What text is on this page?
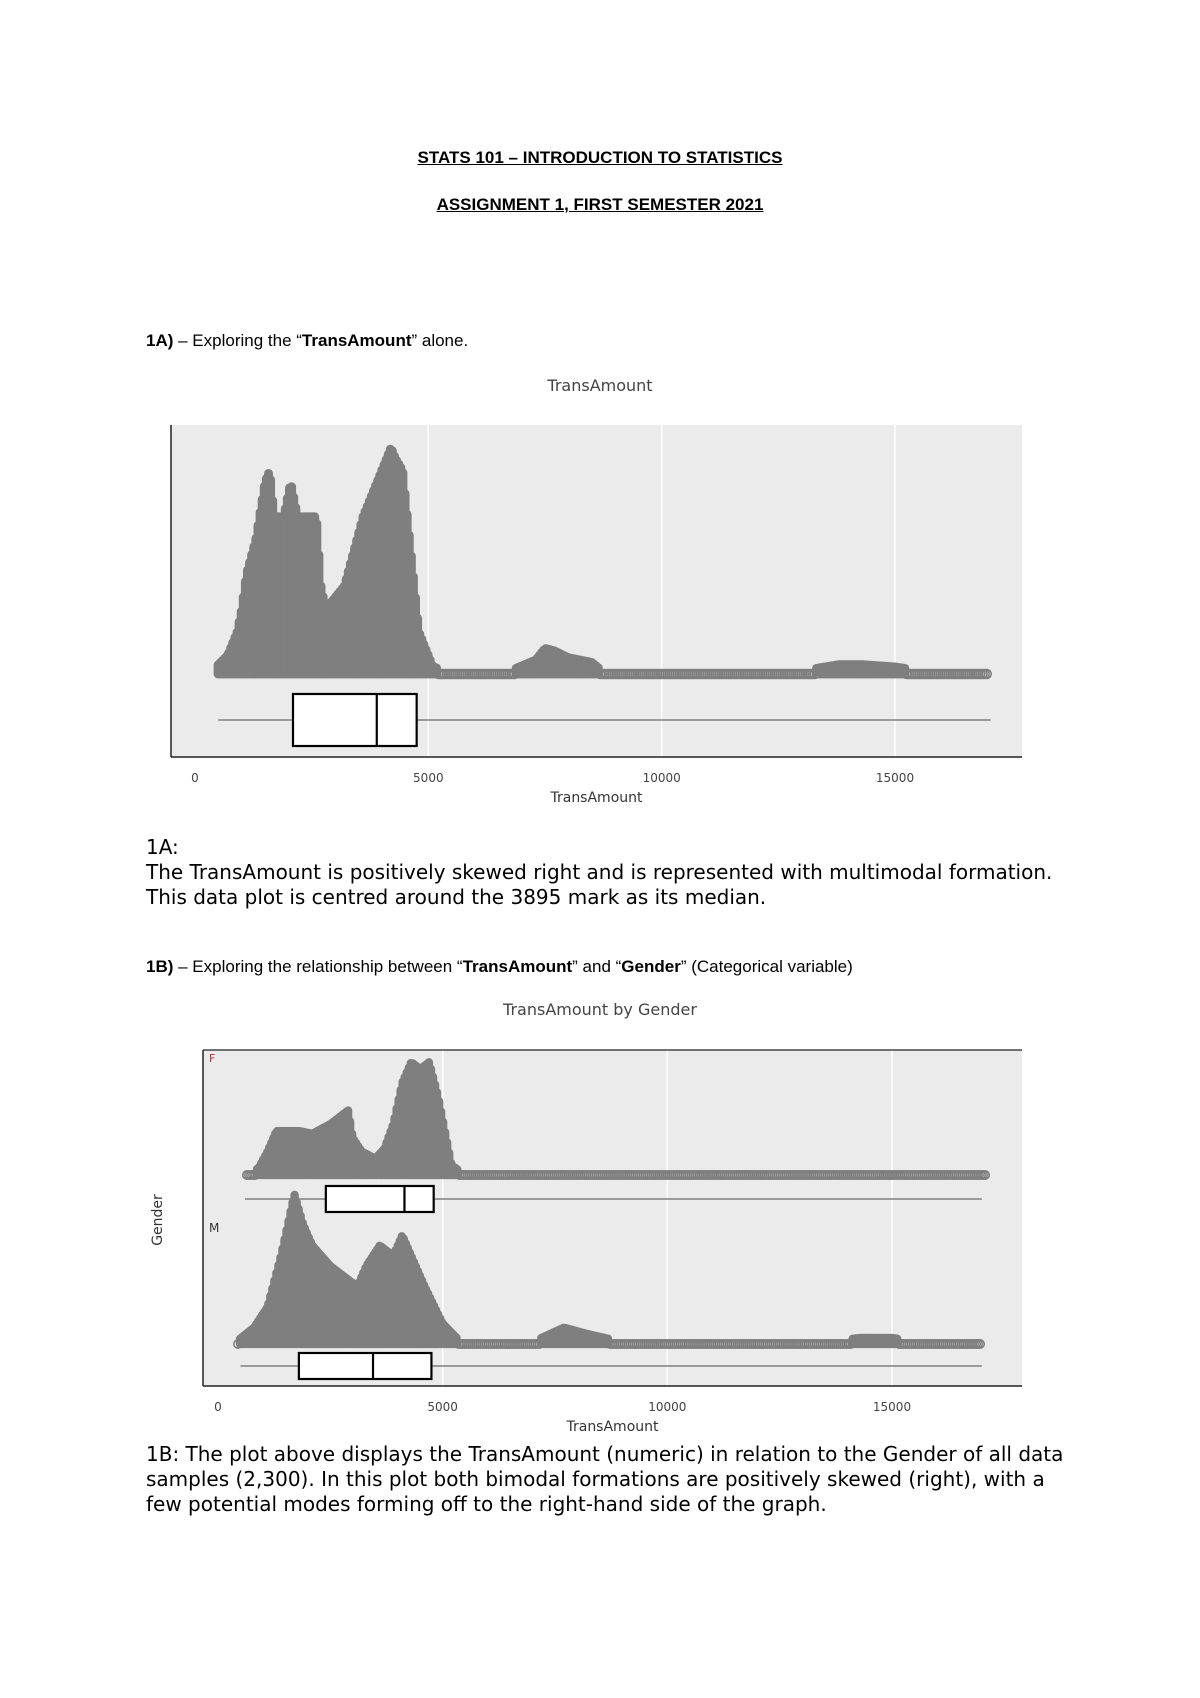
STATS 101 – INTRODUCTION TO STATISTICS
ASSIGNMENT 1, FIRST SEMESTER 2021
1A) – Exploring the “TransAmount” alone.
TransAmount
0	5000	10000	15000
TransAmount
1A:
The TransAmount is positively skewed right and is represented with multimodal formation. This data plot is centred around the 3895 mark as its median.
1B) – Exploring the relationship between “TransAmount” and “Gender” (Categorical variable)
TransAmount by Gender
F
M
Gender
0	5000	10000	15000
TransAmount
1B: The plot above displays the TransAmount (numeric) in relation to the Gender of all data samples (2,300). In this plot both bimodal formations are positively skewed (right), with a few potential modes forming off to the right-hand side of the graph.
